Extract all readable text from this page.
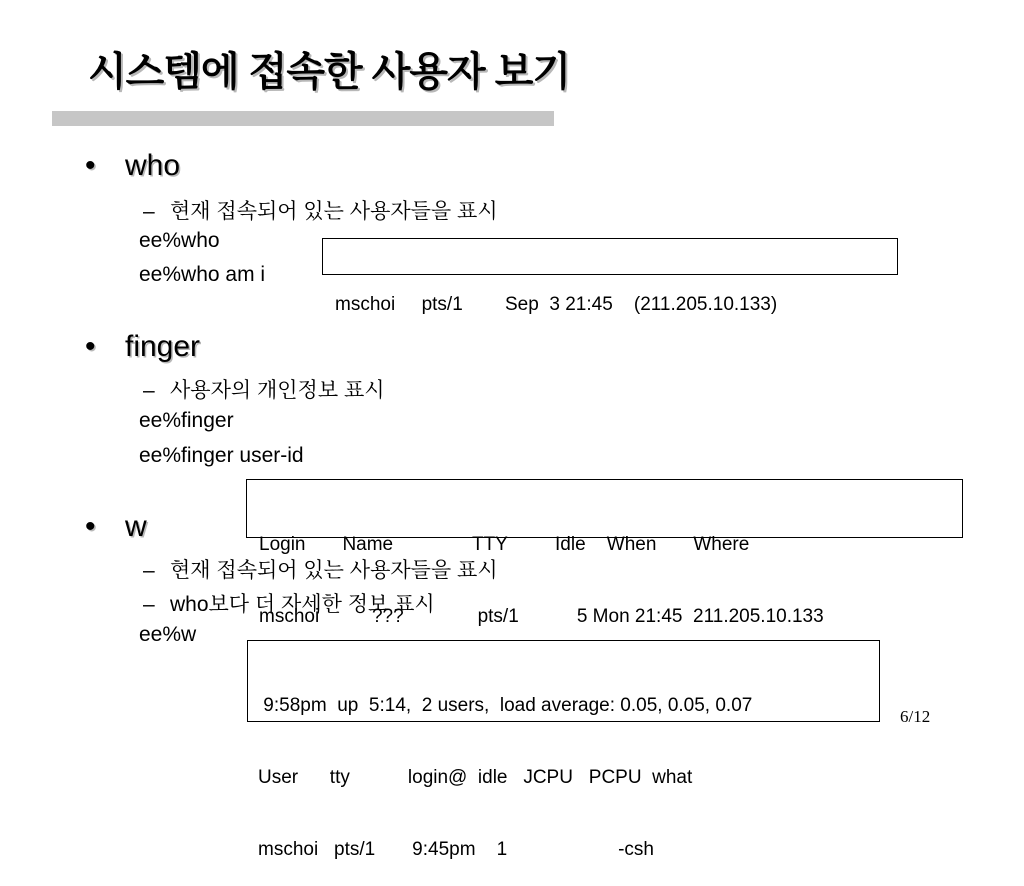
시스템에 접속한 사용자 보기
• who
– 현재 접속되어 있는 사용자들을 표시
ee%who
ee%who am i

mschoi     pts/1        Sep  3 21:45    (211.205.10.133)

• finger
– 사용자의 개인정보 표시
ee%finger
ee%finger user-id

Login       Name               TTY         Idle    When       Where

mschoi          ???              pts/1           5 Mon 21:45  211.205.10.133

• w
– 현재 접속되어 있는 사용자들을 표시
– who보다 더 자세한 정보 표시
ee%w

9:58pm  up  5:14,  2 users,  load average: 0.05, 0.05, 0.07

User      tty           login@  idle   JCPU   PCPU  what

mschoi   pts/1       9:45pm    1                     -csh

6/12
